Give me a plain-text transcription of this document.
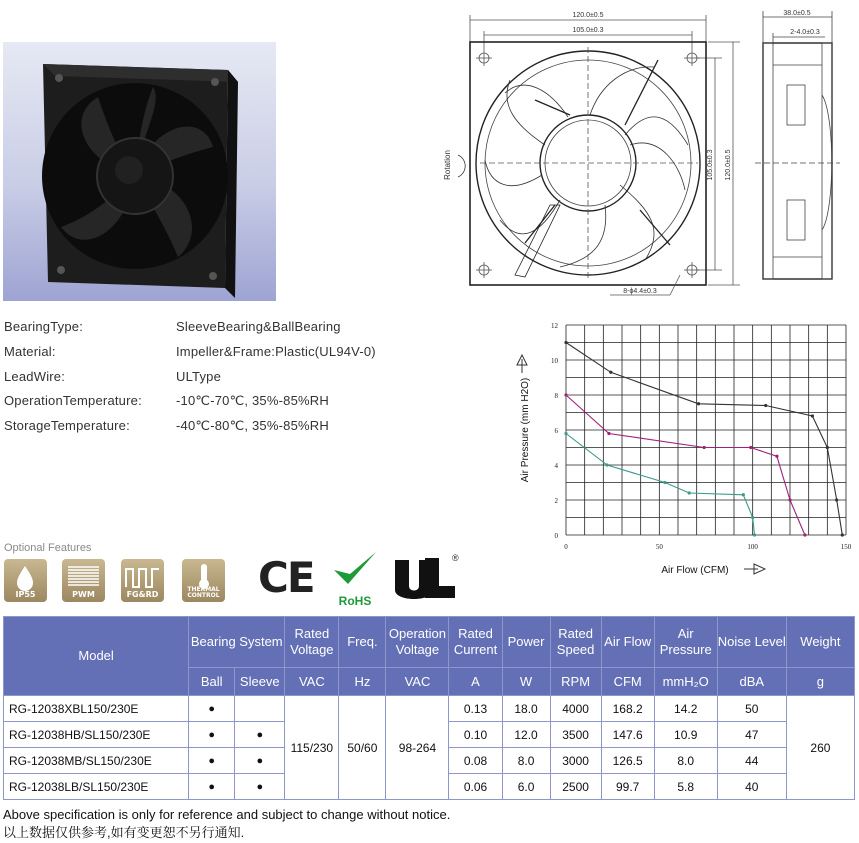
120.0±0.5
105.0±0.3
105.0±0.3 120.0±0.5
8-ϕ4.4±0.3
Rotation
38.0±0.5
2-4.0±0.3
BearingType:	SleeveBearing&BallBearing
Material:	Impeller&Frame:Plastic(UL94V-0)
LeadWire:	ULType
OperationTemperature:	-10℃-70℃, 35%-85%RH
StorageTemperature:	-40℃-80℃, 35%-85%RH
0
2
4
6
8
10
12
0	50	100	150
Air Pressure (mm H2O)
Air Flow (CFM)
Optional Features
IP55	PWM	FG&RD
THERMAL CONTROL CE	RoHS
®
Model	Bearing System		Rated Voltage	Freq.	Operation Voltage	Rated Current	Power	Rated Speed	Air Flow	Air Pressure	Noise Level	Weight
	Ball	Sleeve	VAC	Hz	VAC	A	W	RPM	CFM	mmH₂O	dBA	g
RG-12038XBL150/230E	●		115/230	50/60	98-264	0.13	18.0	4000	168.2	14.2	50	260
RG-12038HB/SL150/230E	●	●				0.10	12.0	3500	147.6	10.9	47	
RG-12038MB/SL150/230E	●	●				0.08	8.0	3000	126.5	8.0	44	
RG-12038LB/SL150/230E	●	●				0.06	6.0	2500	99.7	5.8	40	
Above specification is only for reference and subject to change without notice.
以上数据仅供参考,如有变更恕不另行通知.
